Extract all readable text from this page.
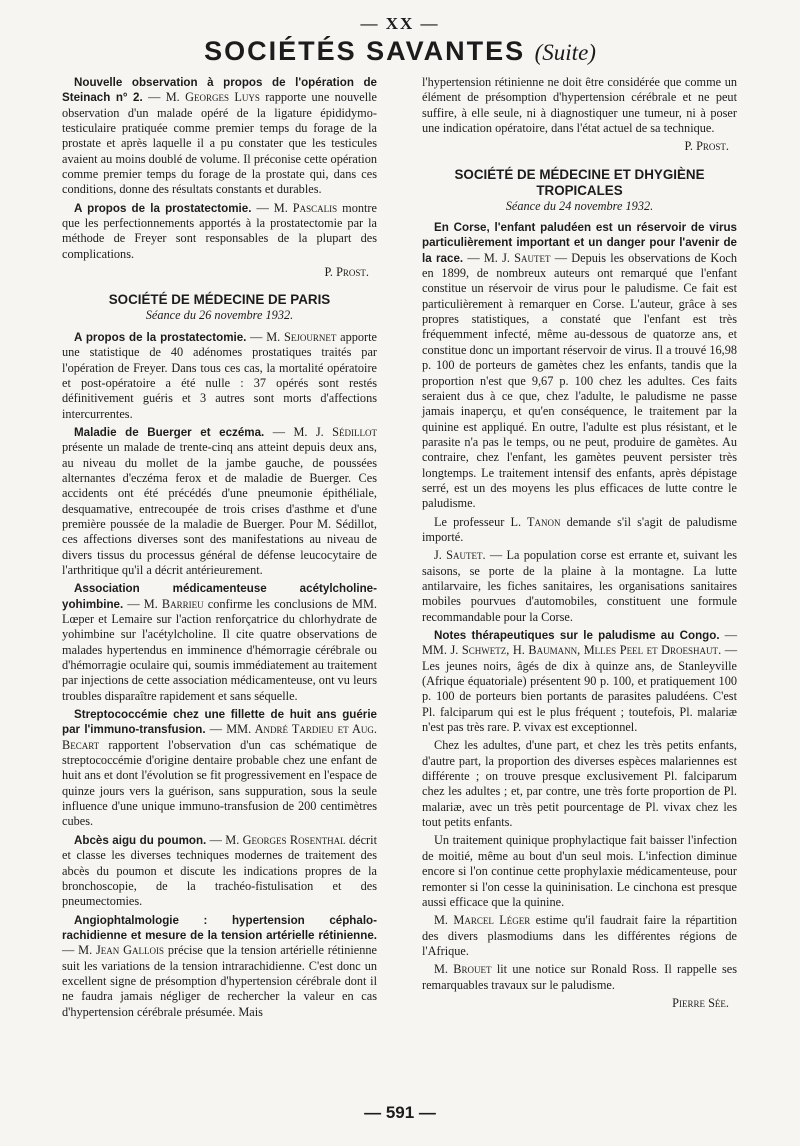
— XX —
SOCIÉTÉS SAVANTES (Suite)

Nouvelle observation à propos de l'opération de Steinach n° 2. — M. Georges Luys rapporte une nouvelle observation d'un malade opéré de la ligature épididymo-testiculaire pratiquée comme premier temps du forage de la prostate et après laquelle il a pu constater que les testicules avaient au moins doublé de volume. Il préconise cette opération comme premier temps du forage de la prostate qui, dans ces conditions, donne des résultats constants et durables.

A propos de la prostatectomie. — M. Pascalis montre que les perfectionnements apportés à la prostatectomie par la méthode de Freyer sont responsables de la plupart des complications.

P. Prost.

SOCIÉTÉ DE MÉDECINE DE PARIS

Séance du 26 novembre 1932.

A propos de la prostatectomie. — M. Sejournet apporte une statistique de 40 adénomes prostatiques traités par l'opération de Freyer. Dans tous ces cas, la mortalité opératoire et post-opératoire a été nulle : 37 opérés sont restés définitivement guéris et 3 autres sont morts d'affections intercurrentes.

Maladie de Buerger et eczéma. — M. J. Sédillot présente un malade de trente-cinq ans atteint depuis deux ans, au niveau du mollet de la jambe gauche, de poussées alternantes d'eczéma ferox et de maladie de Buerger. Ces accidents ont été précédés d'une pneumonie épithéliale, desquamative, entrecoupée de trois crises d'asthme et d'une première poussée de la maladie de Buerger. Pour M. Sédillot, ces affections diverses sont des manifestations au niveau de divers tissus du processus général de défense leucocytaire de l'arthritique qu'il a décrit antérieurement.

Association médicamenteuse acétylcholine-yohimbine. — M. Barrieu confirme les conclusions de MM. Lœper et Lemaire sur l'action renforçatrice du chlorhydrate de yohimbine sur l'acétylcholine. Il cite quatre observations de malades hypertendus en imminence d'hémorragie cérébrale ou d'hémorragie oculaire qui, soumis immédiatement au traitement par injections de cette association médicamenteuse, ont vu leurs troubles disparaître rapidement et sans séquelle.

Streptococcémie chez une fillette de huit ans guérie par l'immuno-transfusion. — MM. André Tardieu et Aug. Becart rapportent l'observation d'un cas schématique de streptococcémie d'origine dentaire probable chez une enfant de huit ans et dont l'évolution se fit progressivement en l'espace de quinze jours vers la guérison, sans suppuration, sous la seule influence d'une unique immuno-transfusion de 200 centimètres cubes.

Abcès aigu du poumon. — M. Georges Rosenthal décrit et classe les diverses techniques modernes de traitement des abcès du poumon et discute les indications propres de la bronchoscopie, de la trachéo-fistulisation et des pneumectomies.

Angiophtalmologie : hypertension céphalo-rachidienne et mesure de la tension artérielle rétinienne. — M. Jean Gallois précise que la tension artérielle rétinienne suit les variations de la tension intrarachidienne. C'est donc un excellent signe de présomption d'hypertension cérébrale dont il ne faudra jamais négliger de rechercher la valeur en cas d'hypertension cérébrale présumée. Mais

l'hypertension rétinienne ne doit être considérée que comme un élément de présomption d'hypertension cérébrale et ne peut suffire, à elle seule, ni à diagnostiquer une tumeur, ni à poser une indication opératoire, dans l'état actuel de sa technique.

P. Prost.

SOCIÉTÉ DE MÉDECINE ET DHYGIÈNE TROPICALES

Séance du 24 novembre 1932.

En Corse, l'enfant paludéen est un réservoir de virus particulièrement important et un danger pour l'avenir de la race. — M. J. Sautet — Depuis les observations de Koch en 1899, de nombreux auteurs ont remarqué que l'enfant constitue un réservoir de virus pour le paludisme. Ce fait est particulièrement à remarquer en Corse. L'auteur, grâce à ses propres statistiques, a constaté que l'enfant est très fréquemment infecté, même au-dessous de quatorze ans, et constitue donc un important réservoir de virus. Il a trouvé 16,98 p. 100 de porteurs de gamètes chez les enfants, tandis que la proportion n'est que 9,67 p. 100 chez les adultes. Ces faits seraient dus à ce que, chez l'adulte, le paludisme ne passe jamais inaperçu, et qu'en conséquence, le traitement par la quinine est appliqué. En outre, l'adulte est plus résistant, et le parasite n'a pas le temps, ou ne peut, produire de gamètes. Au contraire, chez l'enfant, les gamètes peuvent persister très longtemps. Le traitement intensif des enfants, après dépistage serré, est un des moyens les plus efficaces de lutte contre le paludisme.

Le professeur L. Tanon demande s'il s'agit de paludisme importé.

J. Sautet. — La population corse est errante et, suivant les saisons, se porte de la plaine à la montagne. La lutte antilarvaire, les fiches sanitaires, les organisations sanitaires mobiles pourvues d'automobiles, constituent une formule recommandable pour la Corse.

Notes thérapeutiques sur le paludisme au Congo. — MM. J. Schwetz, H. Baumann, Mlles Peel et Droeshaut. — Les jeunes noirs, âgés de dix à quinze ans, de Stanleyville (Afrique équatoriale) présentent 90 p. 100, et pratiquement 100 p. 100 de porteurs bien portants de parasites paludéens. C'est Pl. falciparum qui est le plus fréquent ; toutefois, Pl. malariæ n'est pas très rare. P. vivax est exceptionnel.

Chez les adultes, d'une part, et chez les très petits enfants, d'autre part, la proportion des diverses espèces malariennes est différente ; on trouve presque exclusivement Pl. falciparum chez les adultes ; et, par contre, une très forte proportion de Pl. malariæ, avec un très petit pourcentage de Pl. vivax chez les tout petits enfants.

Un traitement quinique prophylactique fait baisser l'infection de moitié, même au bout d'un seul mois. L'infection diminue encore si l'on continue cette prophylaxie médicamenteuse, pour remonter si l'on cesse la quininisation. Le cinchona est presque aussi efficace que la quinine.

M. Marcel Léger estime qu'il faudrait faire la répartition des divers plasmodiums dans les différentes régions de l'Afrique.

M. Brouet lit une notice sur Ronald Ross. Il rappelle ses remarquables travaux sur le paludisme.

Pierre Sée.

— 591 —
